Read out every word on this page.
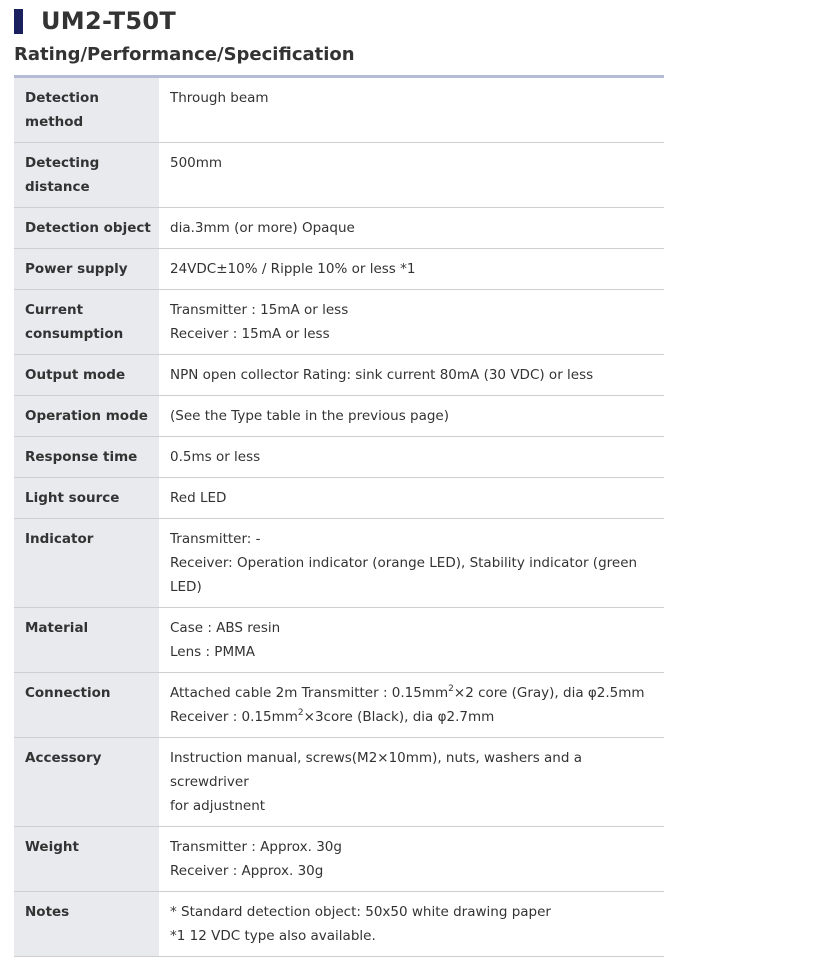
UM2-T50T
Rating/Performance/Specification
Detection method	Through beam

Detecting distance	500mm

Detection object	dia.3mm (or more) Opaque

Power supply	24VDC±10% / Ripple 10% or less *1

Current consumption	Transmitter : 15mA or less
Receiver : 15mA or less

Output mode	NPN open collector Rating: sink current 80mA (30 VDC) or less

Operation mode	(See the Type table in the previous page)

Response time	0.5ms or less

Light source	Red LED

Indicator	Transmitter: -
Receiver: Operation indicator (orange LED), Stability indicator (green LED)

Material	Case : ABS resin
Lens : PMMA

Connection	Attached cable 2m Transmitter : $0.15mm^2\times 2$ core (Gray), dia φ2.5mm
Receiver : $0.15mm^2\times 3core$ (Black), dia φ2.7mm

Accessory	Instruction manual, screws(M2×10mm), nuts, washers and a screwdriver
for adjustnent

Weight	Transmitter : Approx. 30g
Receiver : Approx. 30g

Notes	* Standard detection object: 50x50 white drawing paper
*1 12 VDC type also available.
